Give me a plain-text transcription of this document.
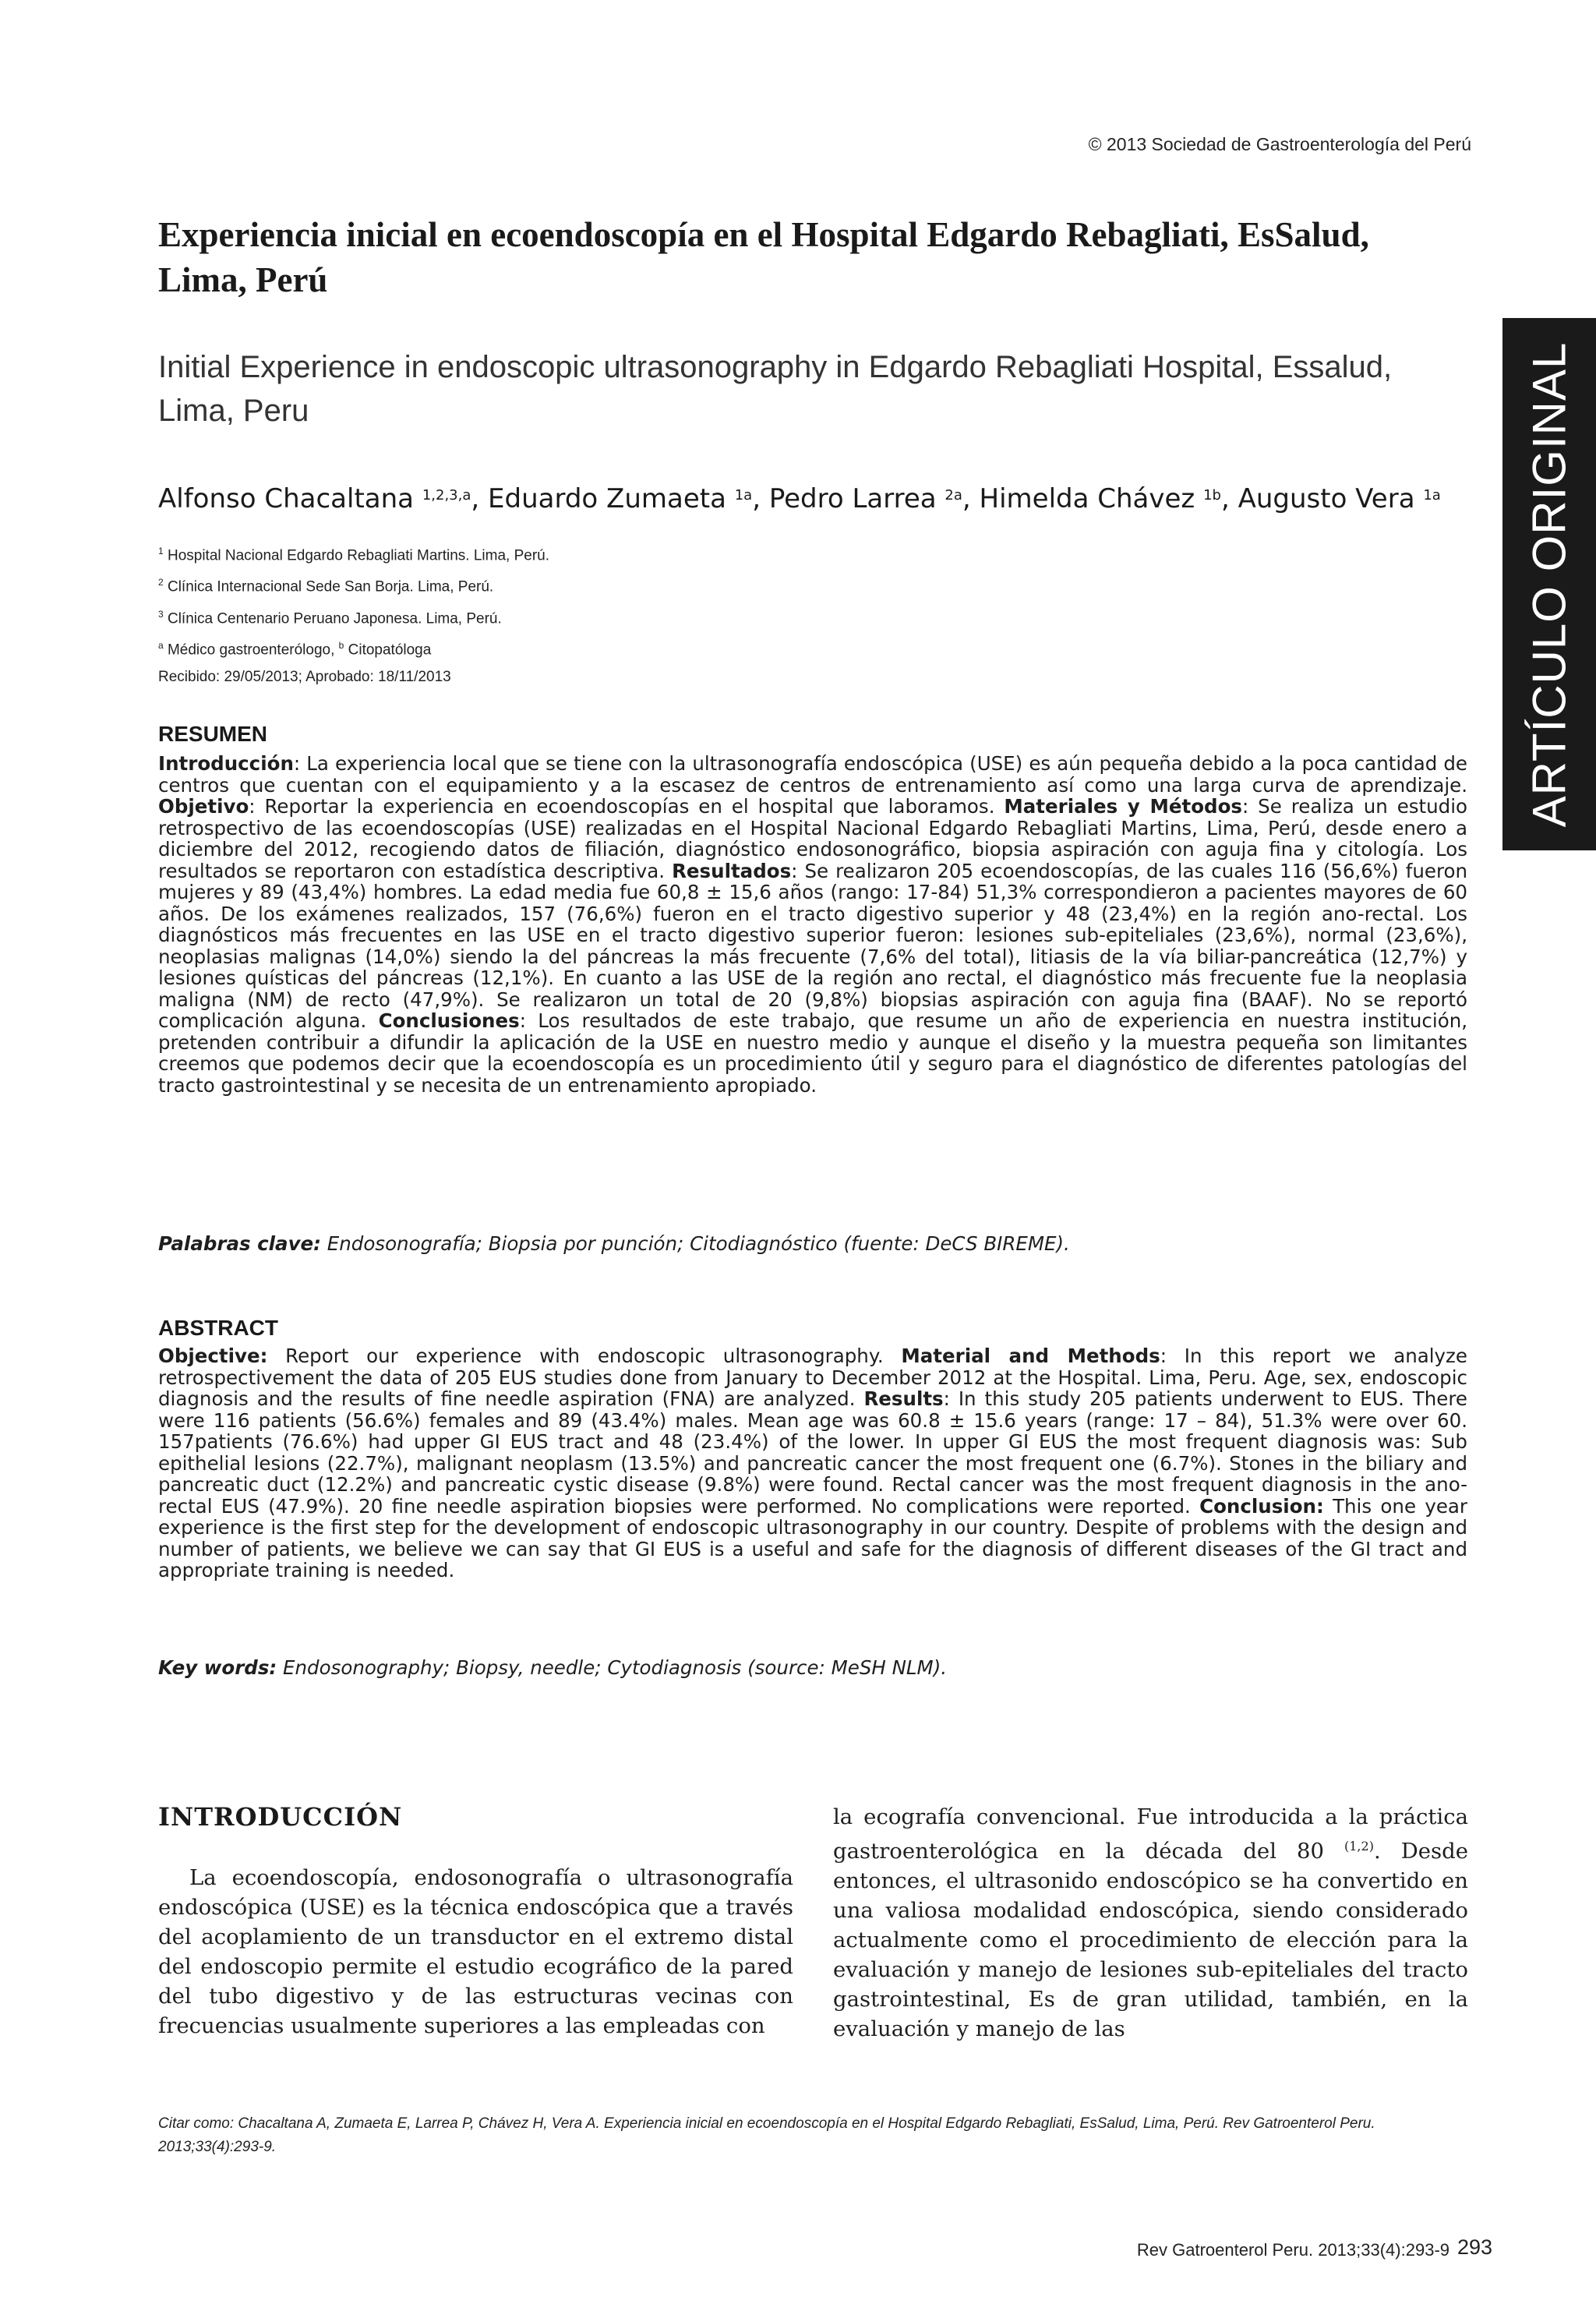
© 2013 Sociedad de Gastroenterología del Perú
Experiencia inicial en ecoendoscopía en el Hospital Edgardo Rebagliati, EsSalud, Lima, Perú
Initial Experience in endoscopic ultrasonography in Edgardo Rebagliati Hospital, Essalud, Lima, Peru
Alfonso Chacaltana $^{1,2,3,a}$, Eduardo Zumaeta $^{1a}$, Pedro Larrea $^{2a}$, Himelda Chávez $^{1b}$, Augusto Vera $^{1a}$
$^1$ Hospital Nacional Edgardo Rebagliati Martins. Lima, Perú.
$^2$ Clínica Internacional Sede San Borja. Lima, Perú.
$^3$ Clínica Centenario Peruano Japonesa. Lima, Perú.
$^a$ Médico gastroenterólogo, $^b$ Citopatóloga
Recibido: 29/05/2013; Aprobado: 18/11/2013	ARTÍCULO ORIGINAL
RESUMEN
Introducción: La experiencia local que se tiene con la ultrasonografía endoscópica (USE) es aún pequeña debido a la poca cantidad de centros que cuentan con el equipamiento y a la escasez de centros de entrenamiento así como una larga curva de aprendizaje. Objetivo: Reportar la experiencia en ecoendoscopías en el hospital que laboramos. Materiales y Métodos: Se realiza un estudio retrospectivo de las ecoendoscopías (USE) realizadas en el Hospital Nacional Edgardo Rebagliati Martins, Lima, Perú, desde enero a diciembre del 2012, recogiendo datos de filiación, diagnóstico endosonográfico, biopsia aspiración con aguja fina y citología. Los resultados se reportaron con estadística descriptiva. Resultados: Se realizaron 205 ecoendoscopías, de las cuales 116 (56,6%) fueron mujeres y 89 (43,4%) hombres. La edad media fue 60,8 ± 15,6 años (rango: 17-84) 51,3% correspondieron a pacientes mayores de 60 años. De los exámenes realizados, 157 (76,6%) fueron en el tracto digestivo superior y 48 (23,4%) en la región ano-rectal. Los diagnósticos más frecuentes en las USE en el tracto digestivo superior fueron: lesiones sub-epiteliales (23,6%), normal (23,6%), neoplasias malignas (14,0%) siendo la del páncreas la más frecuente (7,6% del total), litiasis de la vía biliar-pancreática (12,7%) y lesiones quísticas del páncreas (12,1%). En cuanto a las USE de la región ano rectal, el diagnóstico más frecuente fue la neoplasia maligna (NM) de recto (47,9%). Se realizaron un total de 20 (9,8%) biopsias aspiración con aguja fina (BAAF). No se reportó complicación alguna. Conclusiones: Los resultados de este trabajo, que resume un año de experiencia en nuestra institución, pretenden contribuir a difundir la aplicación de la USE en nuestro medio y aunque el diseño y la muestra pequeña son limitantes creemos que podemos decir que la ecoendoscopía es un procedimiento útil y seguro para el diagnóstico de diferentes patologías del tracto gastrointestinal y se necesita de un entrenamiento apropiado.
Palabras clave: Endosonografía; Biopsia por punción; Citodiagnóstico (fuente: DeCS BIREME).
ABSTRACT
Objective: Report our experience with endoscopic ultrasonography. Material and Methods: In this report we analyze retrospectivement the data of 205 EUS studies done from January to December 2012 at the Hospital. Lima, Peru. Age, sex, endoscopic diagnosis and the results of fine needle aspiration (FNA) are analyzed. Results: In this study 205 patients underwent to EUS. There were 116 patients (56.6%) females and 89 (43.4%) males. Mean age was 60.8 ± 15.6 years (range: 17 – 84), 51.3% were over 60. 157patients (76.6%) had upper GI EUS tract and 48 (23.4%) of the lower. In upper GI EUS the most frequent diagnosis was: Sub epithelial lesions (22.7%), malignant neoplasm (13.5%) and pancreatic cancer the most frequent one (6.7%). Stones in the biliary and pancreatic duct (12.2%) and pancreatic cystic disease (9.8%) were found. Rectal cancer was the most frequent diagnosis in the ano-rectal EUS (47.9%). 20 fine needle aspiration biopsies were performed. No complications were reported. Conclusion: This one year experience is the first step for the development of endoscopic ultrasonography in our country. Despite of problems with the design and number of patients, we believe we can say that GI EUS is a useful and safe for the diagnosis of different diseases of the GI tract and appropriate training is needed.
Key words: Endosonography; Biopsy, needle; Cytodiagnosis (source: MeSH NLM).
INTRODUCCIÓN
La ecoendoscopía, endosonografía o ultrasonografía endoscópica (USE) es la técnica endoscópica que a través del acoplamiento de un transductor en el extremo distal del endoscopio permite el estudio ecográfico de la pared del tubo digestivo y de las estructuras vecinas con frecuencias usualmente superiores a las empleadas con
la ecografía convencional. Fue introducida a la práctica gastroenterológica en la década del 80 $^{(1,2)}$. Desde entonces, el ultrasonido endoscópico se ha convertido en una valiosa modalidad endoscópica, siendo considerado actualmente como el procedimiento de elección para la evaluación y manejo de lesiones sub-epiteliales del tracto gastrointestinal, Es de gran utilidad, también, en la evaluación y manejo de las
Citar como: Chacaltana A, Zumaeta E, Larrea P, Chávez H, Vera A. Experiencia inicial en ecoendoscopía en el Hospital Edgardo Rebagliati, EsSalud, Lima, Perú. Rev Gatroenterol Peru. 2013;33(4):293-9.
Rev Gatroenterol Peru. 2013;33(4):293-9 293
